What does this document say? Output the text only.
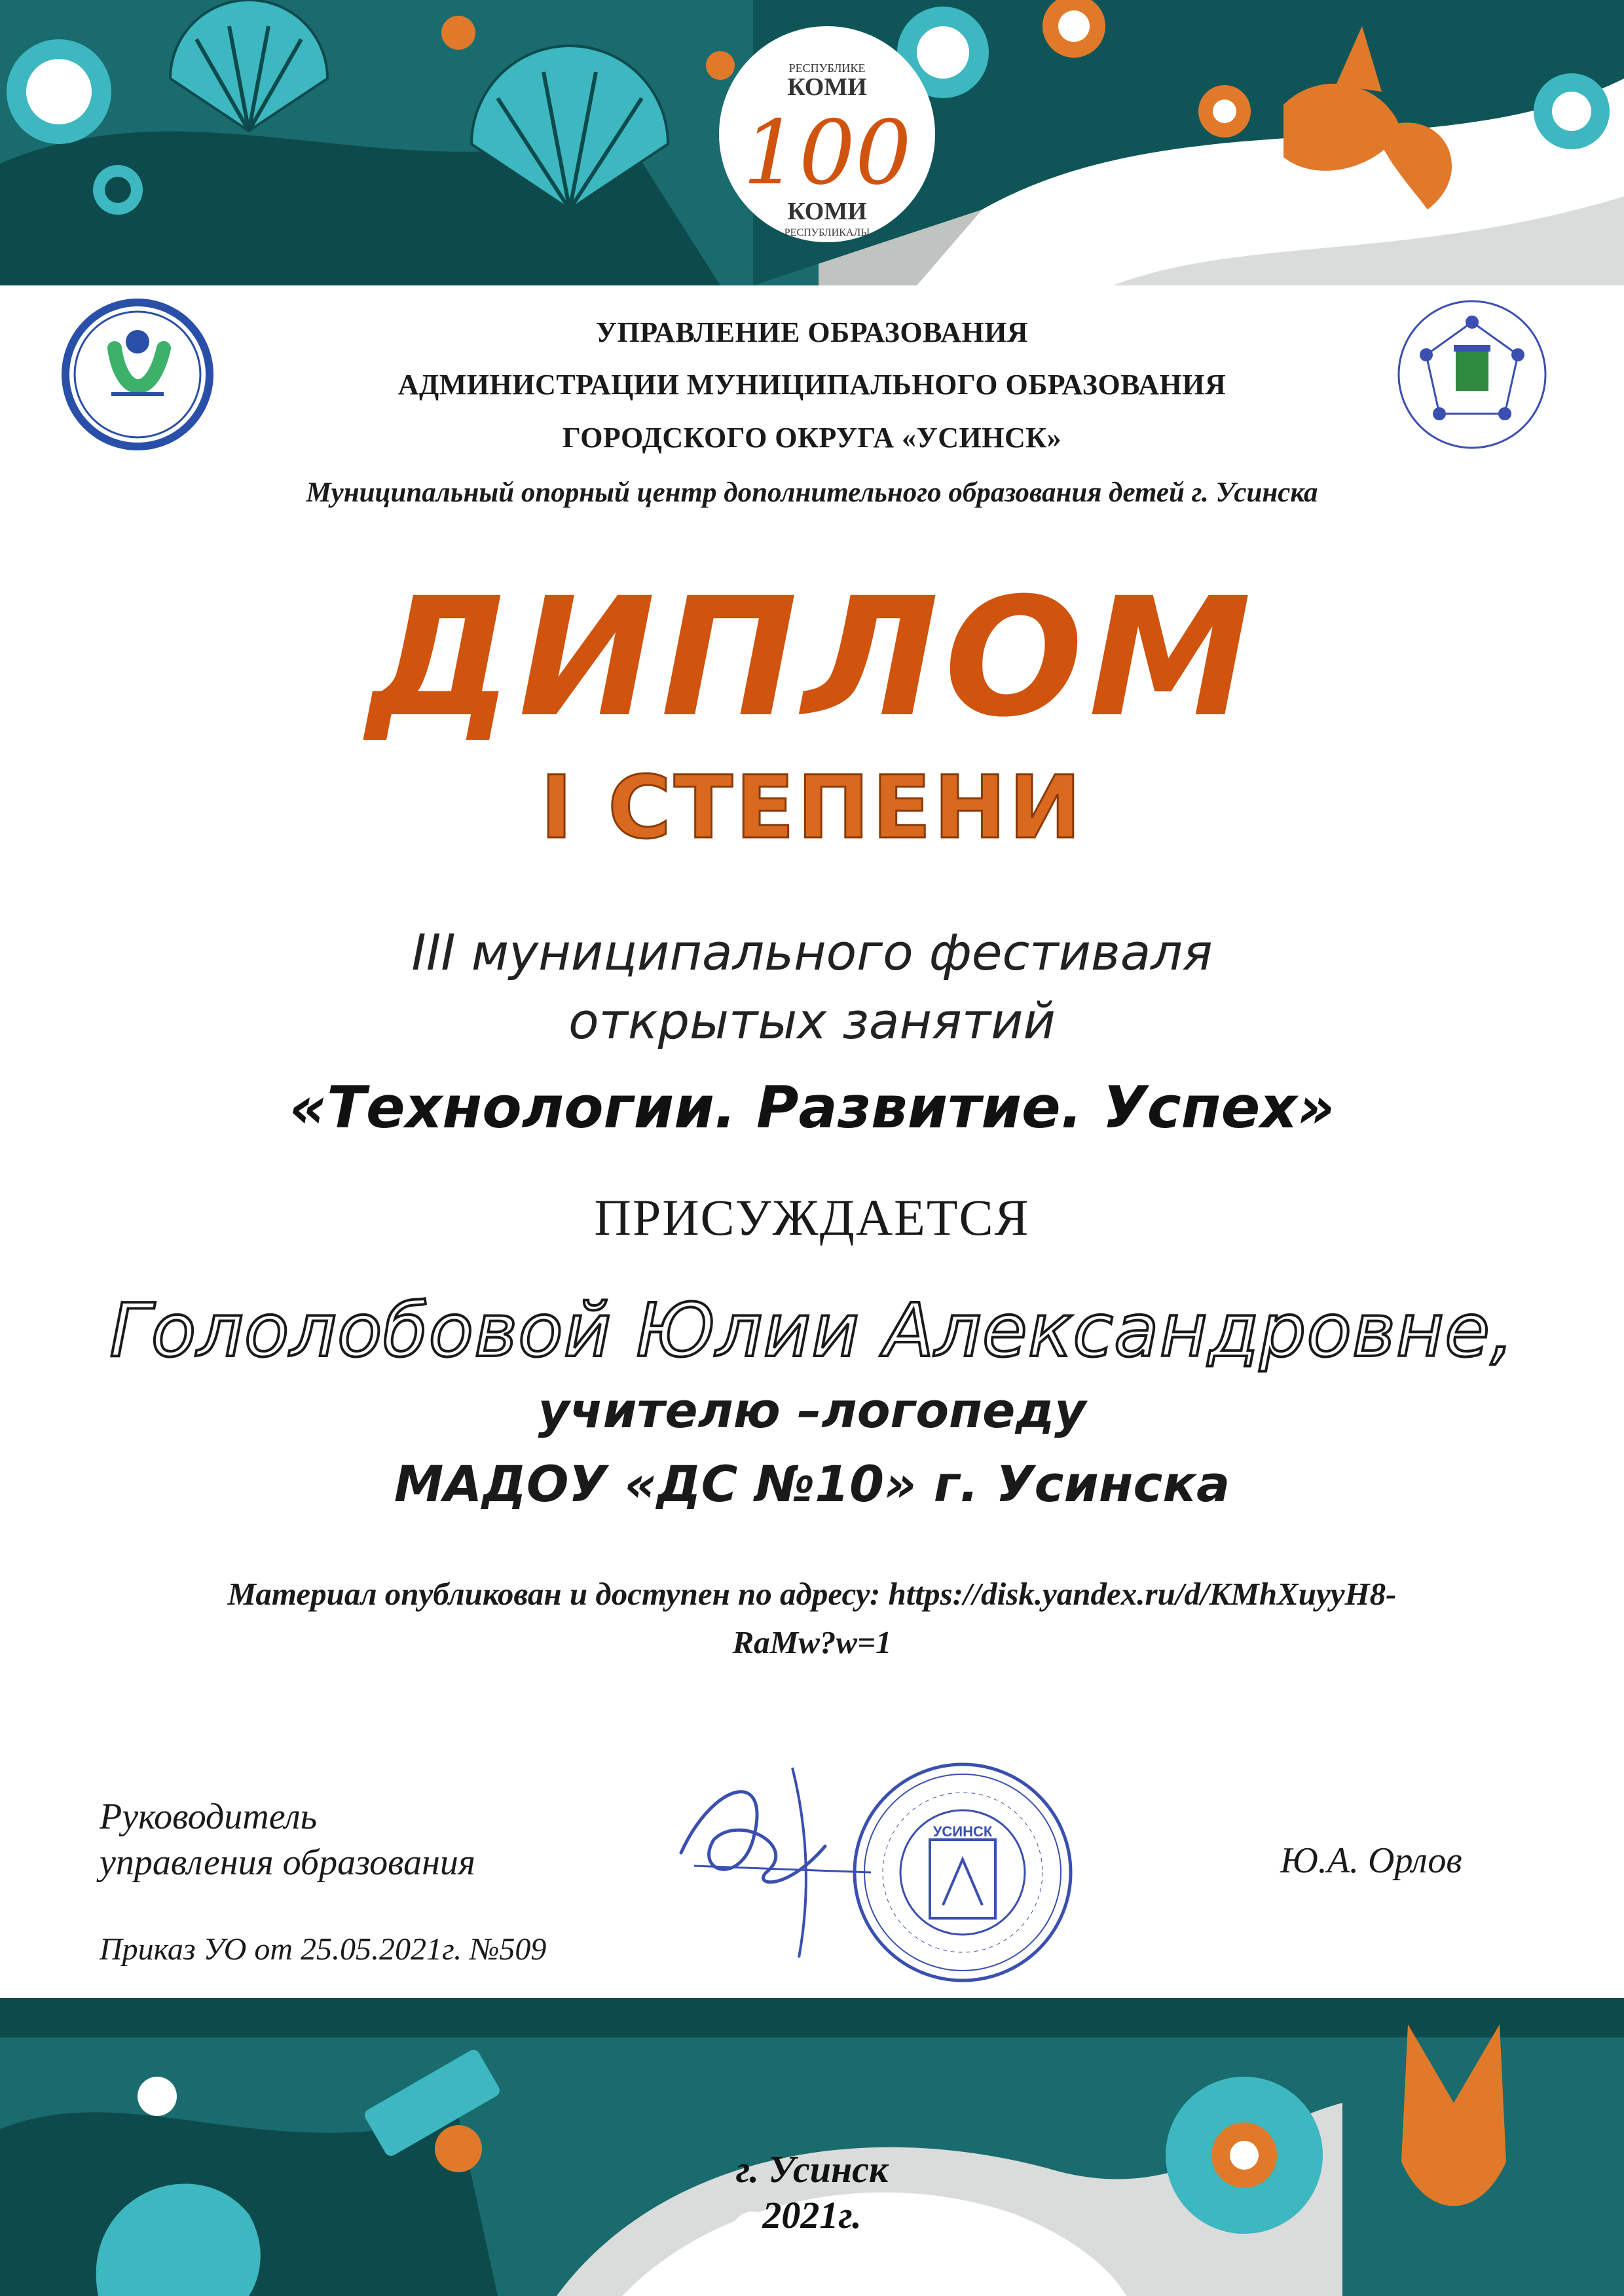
РЕСПУБЛИКЕ
КОМИ
100
КОМИ
РЕСПУБЛИКАЛЫ
УПРАВЛЕНИЕ ОБРАЗОВАНИЯ
АДМИНИСТРАЦИИ МУНИЦИПАЛЬНОГО ОБРАЗОВАНИЯ
ГОРОДСКОГО ОКРУГА «УСИНСК»
Муниципальный опорный центр дополнительного образования детей г. Усинска
ДИПЛОМ
I СТЕПЕНИ
III муниципального фестиваля
открытых занятий
«Технологии. Развитие. Успех»
ПРИСУЖДАЕТСЯ
Гололобовой Юлии Александровне,
учителю –логопеду
МАДОУ «ДС №10» г. Усинска
Материал опубликован и доступен по адресу: https://disk.yandex.ru/d/KMhXuyyH8-
RaMw?w=1
Руководитель
управления образования
УСИНСК
Ю.А. Орлов
Приказ УО от 25.05.2021г. №509
г. Усинск
2021г.
